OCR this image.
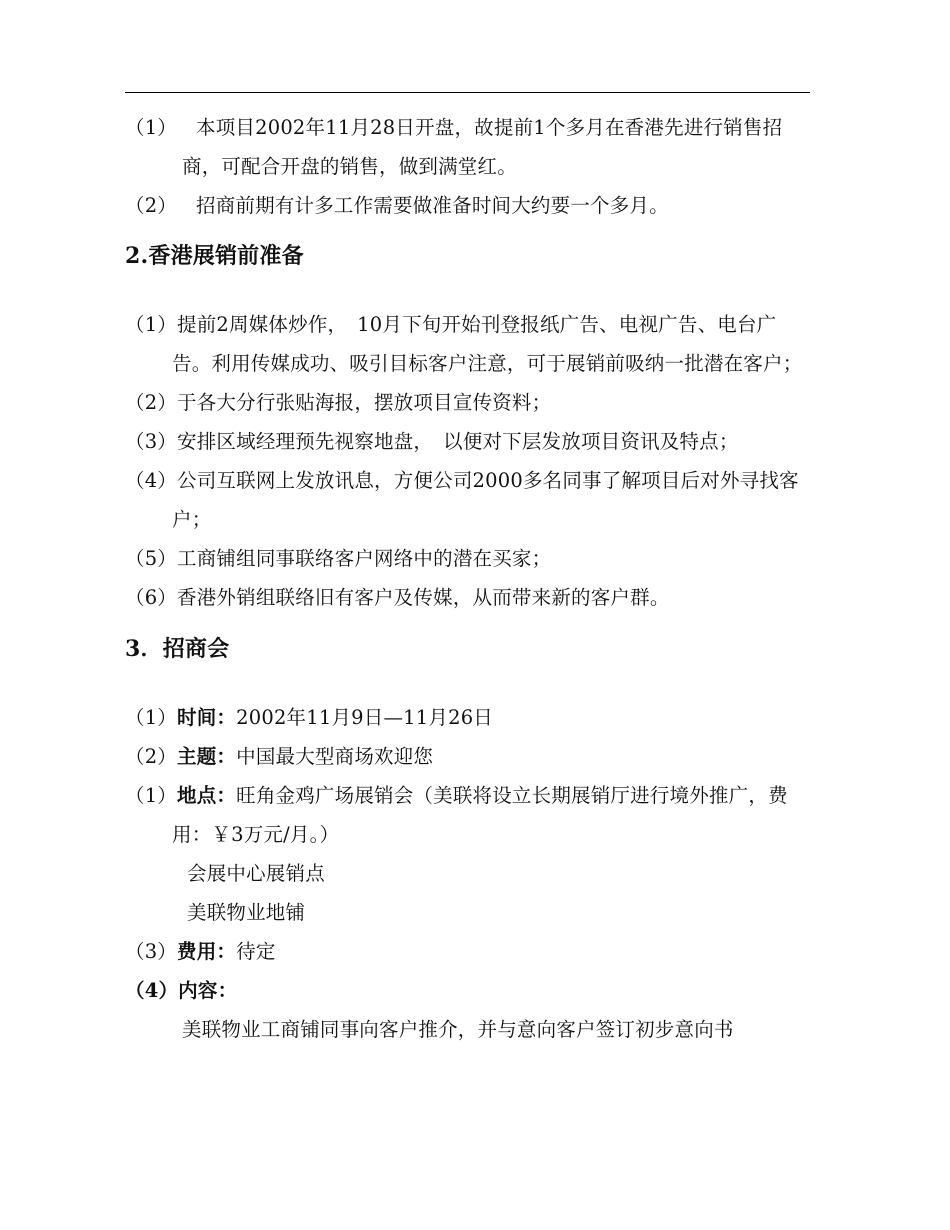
（1） 本项目2002年11月28日开盘，故提前1个多月在香港先进行销售招商，可配合开盘的销售，做到满堂红。
（2） 招商前期有计多工作需要做准备时间大约要一个多月。
2.香港展销前准备
（1）提前2周媒体炒作，　10月下旬开始刊登报纸广告、电视广告、电台广告。利用传媒成功、吸引目标客户注意，可于展销前吸纳一批潜在客户；
（2）于各大分行张贴海报，摆放项目宣传资料；
（3）安排区域经理预先视察地盘，　以便对下层发放项目资讯及特点；
（4）公司互联网上发放讯息，方便公司2000多名同事了解项目后对外寻找客户；
（5）工商铺组同事联络客户网络中的潜在买家；
（6）香港外销组联络旧有客户及传媒，从而带来新的客户群。
3．招商会
（1）时间：2002年11月9日—11月26日
（2）主题：中国最大型商场欢迎您
（1）地点：旺角金鸡广场展销会（美联将设立长期展销厅进行境外推广，费用：￥3万元/月。）
会展中心展销点
美联物业地铺
（3）费用：待定
（4）内容：
美联物业工商铺同事向客户推介，并与意向客户签订初步意向书
